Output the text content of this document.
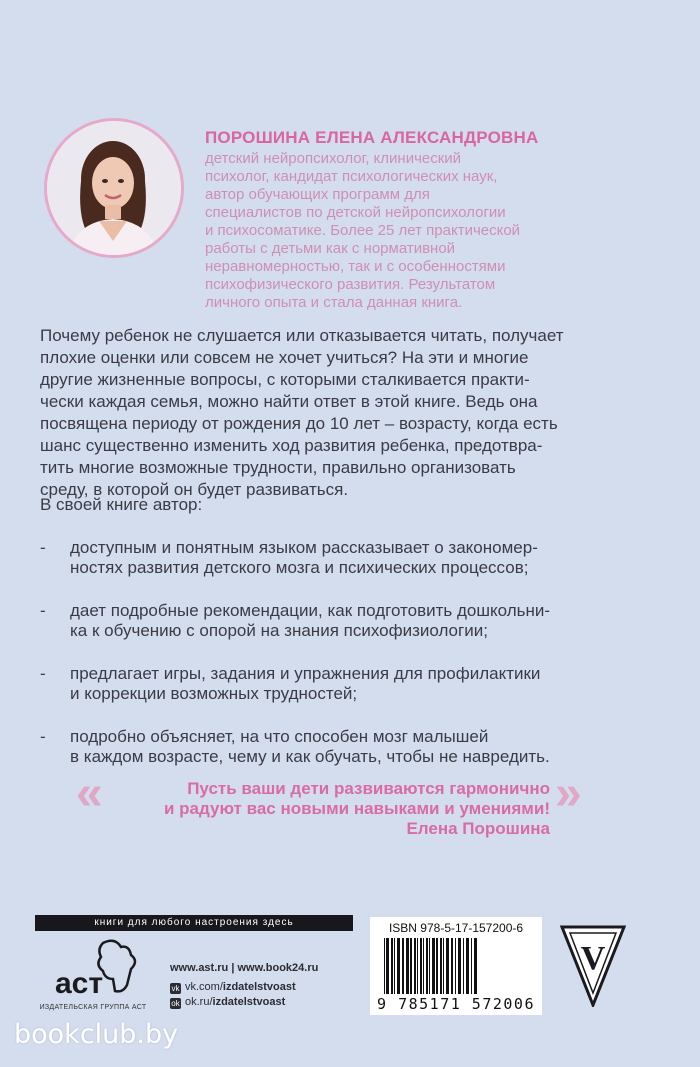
ПОРОШИНА ЕЛЕНА АЛЕКСАНДРОВНА

детский нейропсихолог, клинический
психолог, кандидат психологических наук,
автор обучающих программ для
специалистов по детской нейропсихологии
и психосоматике. Более 25 лет практической
работы с детьми как с нормативной
неравномерностью, так и с особенностями
психофизического развития. Результатом
личного опыта и стала данная книга.

Почему ребенок не слушается или отказывается читать, получает
плохие оценки или совсем не хочет учиться? На эти и многие
другие жизненные вопросы, с которыми сталкивается практи-
чески каждая семья, можно найти ответ в этой книге. Ведь она
посвящена периоду от рождения до 10 лет – возрасту, когда есть
шанс существенно изменить ход развития ребенка, предотвра-
тить многие возможные трудности, правильно организовать
среду, в которой он будет развиваться.

В своей книге автор:

- доступным и понятным языком рассказывает о закономер-
ностях развития детского мозга и психических процессов;
- дает подробные рекомендации, как подготовить дошкольни-
ка к обучению с опорой на знания психофизиологии;
- предлагает игры, задания и упражнения для профилактики
и коррекции возможных трудностей;
- подробно объясняет, на что способен мозг малышей
в каждом возрасте, чему и как обучать, чтобы не навредить.
«	Пусть ваши дети развиваются гармонично
и радуют вас новыми навыками и умениями!
Елена Порошина
»
книги для любого настроения здесь
аст
ИЗДАТЕЛЬСКАЯ ГРУППА АСТ
www.ast.ru | www.book24.ru
vk vk.com/izdatelstvoast
ok ok.ru/izdatelstvoast
ISBN 978-5-17-157200-6
9 785171 572006
V
bookclub.by
